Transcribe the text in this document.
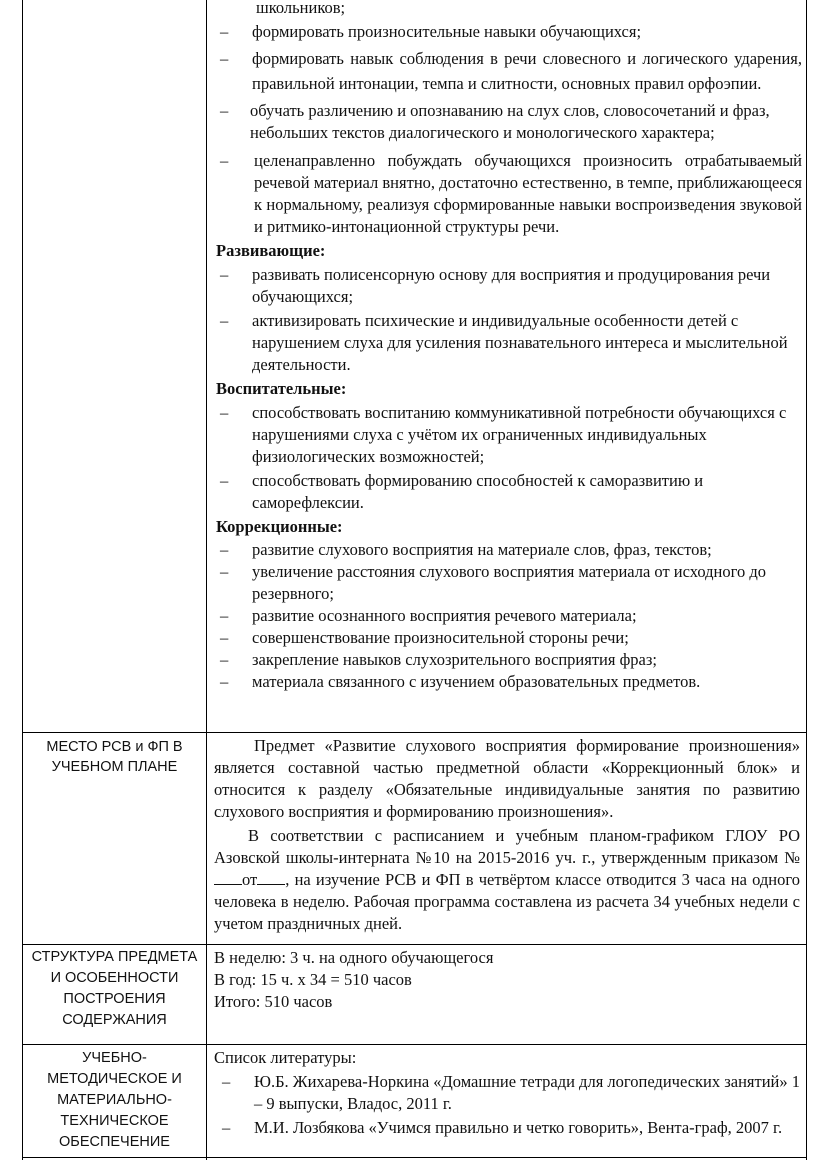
школьников;
– формировать произносительные навыки обучающихся;
– формировать навык соблюдения в речи словесного и логического ударения, правильной интонации, темпа и слитности, основных правил орфоэпии.
– обучать различению и опознаванию на слух слов, словосочетаний и фраз, небольших текстов диалогического и монологического характера;
– целенаправленно побуждать обучающихся произносить отрабатываемый речевой материал внятно, достаточно естественно, в темпе, приближающееся к нормальному, реализуя сформированные навыки воспроизведения звуковой и ритмико-интонационной структуры речи.
Развивающие:
– развивать полисенсорную основу для восприятия и продуцирования речи обучающихся;
– активизировать психические и индивидуальные особенности детей с нарушением слуха для усиления познавательного интереса и мыслительной деятельности.
Воспитательные:
– способствовать воспитанию коммуникативной потребности обучающихся с нарушениями слуха с учётом их ограниченных индивидуальных физиологических возможностей;
– способствовать формированию способностей к саморазвитию и саморефлексии.
Коррекционные:
– развитие слухового восприятия на материале слов, фраз, текстов;
– увеличение расстояния слухового восприятия материала от исходного до резервного;
– развитие осознанного восприятия речевого материала;
– совершенствование произносительной стороны речи;
– закрепление навыков слухозрительного восприятия фраз;
– материала связанного с изучением образовательных предметов.
МЕСТО РСВ и ФП В УЧЕБНОМ ПЛАНЕ
Предмет «Развитие слухового восприятия формирование произношения» является составной частью предметной области «Коррекционный блок» и относится к разделу «Обязательные индивидуальные занятия по развитию слухового восприятия и формированию произношения».
В соответствии с расписанием и учебным планом-графиком ГЛОУ РО Азовской школы-интерната №10 на 2015-2016 уч. г., утвержденным приказом №от , на изучение РСВ и ФП в четвёртом классе отводится 3 часа на одного человека в неделю. Рабочая программа составлена из расчета 34 учебных недели с учетом праздничных дней.
СТРУКТУРА ПРЕДМЕТА И ОСОБЕННОСТИ ПОСТРОЕНИЯ СОДЕРЖАНИЯ
В неделю: 3 ч. на одного обучающегося
В год: 15 ч. х 34 = 510 часов
Итого: 510 часов
УЧЕБНО-МЕТОДИЧЕСКОЕ И МАТЕРИАЛЬНО-ТЕХНИЧЕСКОЕ ОБЕСПЕЧЕНИЕ
Список литературы:
– Ю.Б. Жихарева-Норкина «Домашние тетради для логопедических занятий» 1 – 9 выпуски, Владос, 2011 г.
– М.И. Лозбякова «Учимся правильно и четко говорить», Вента-граф, 2007 г.
